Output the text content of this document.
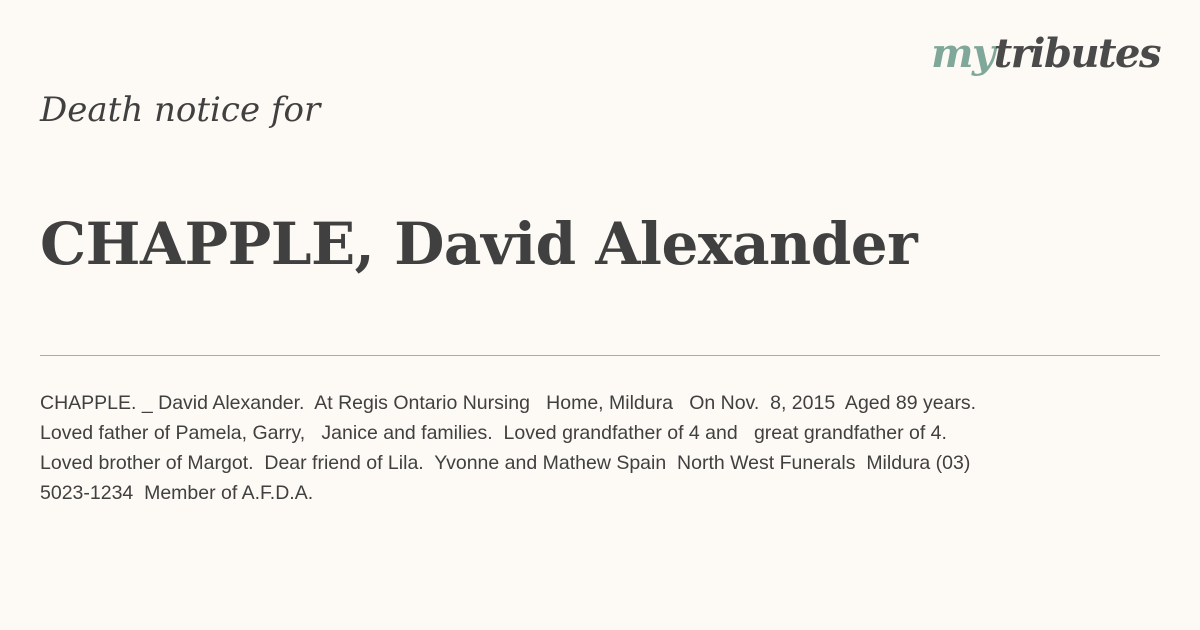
mytributes
Death notice for
CHAPPLE, David Alexander

CHAPPLE. _ David Alexander.  At Regis Ontario Nursing   Home, Mildura   On Nov.  8, 2015  Aged 89 years.
Loved father of Pamela, Garry,   Janice and families.  Loved grandfather of 4 and   great grandfather of 4.
Loved brother of Margot.  Dear friend of Lila.  Yvonne and Mathew Spain  North West Funerals  Mildura (03)
5023-1234  Member of A.F.D.A.
